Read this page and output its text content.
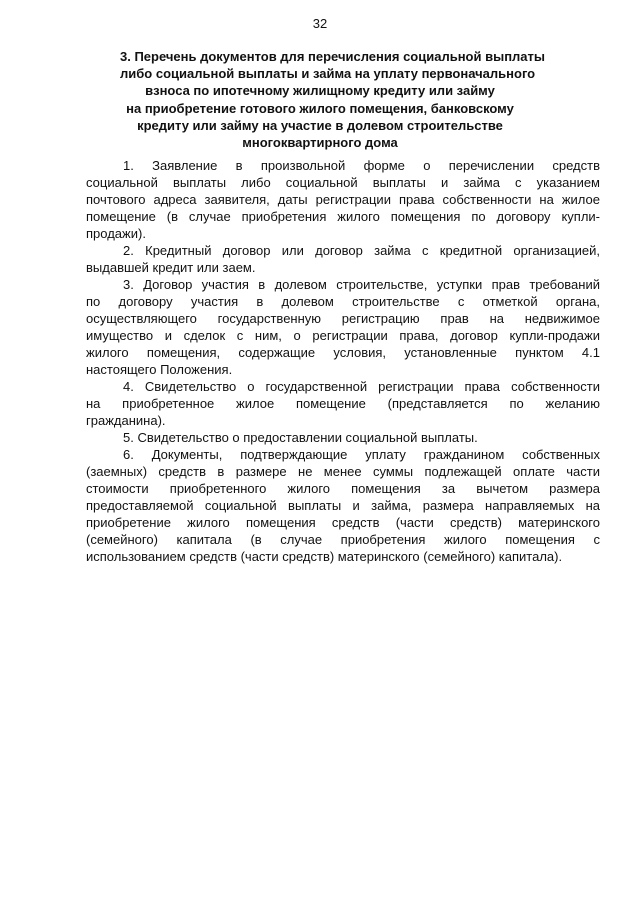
32
3. Перечень документов для перечисления социальной выплаты
либо социальной выплаты и займа на уплату первоначального
взноса по ипотечному жилищному кредиту или займу
на приобретение готового жилого помещения, банковскому
кредиту или займу на участие в долевом строительстве
многоквартирного дома

1. Заявление в произвольной форме о перечислении средств
социальной выплаты либо социальной выплаты и займа с указанием
почтового адреса заявителя, даты регистрации права собственности на жилое
помещение (в случае приобретения жилого помещения по договору купли-
продажи).

2. Кредитный договор или договор займа с кредитной организацией,
выдавшей кредит или заем.

3. Договор участия в долевом строительстве, уступки прав требований
по договору участия в долевом строительстве с отметкой органа,
осуществляющего государственную регистрацию прав на недвижимое
имущество и сделок с ним, о регистрации права, договор купли-продажи
жилого помещения, содержащие условия, установленные пунктом 4.1
настоящего Положения.

4. Свидетельство о государственной регистрации права собственности
на приобретенное жилое помещение (представляется по желанию
гражданина).

5. Свидетельство о предоставлении социальной выплаты.

6. Документы, подтверждающие уплату гражданином собственных
(заемных) средств в размере не менее суммы подлежащей оплате части
стоимости приобретенного жилого помещения за вычетом размера
предоставляемой социальной выплаты и займа, размера направляемых на
приобретение жилого помещения средств (части средств) материнского
(семейного) капитала (в случае приобретения жилого помещения с
использованием средств (части средств) материнского (семейного) капитала).
